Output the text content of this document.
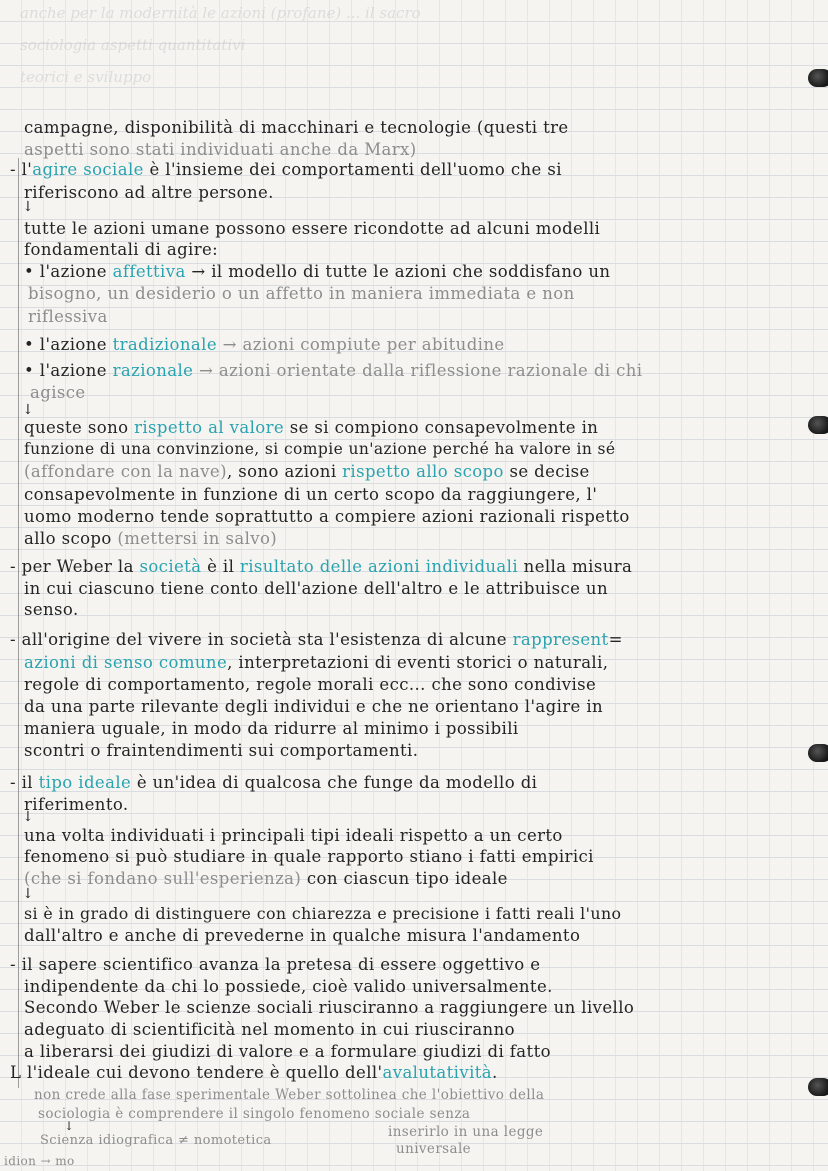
anche per la modernità le azioni (profane) ... il sacro
sociologia aspetti quantitativi
teorici e sviluppo
campagne, disponibilità di macchinari e tecnologie (questi tre
aspetti sono stati individuati anche da Marx)
- l'agire sociale è l'insieme dei comportamenti dell'uomo che si
riferiscono ad altre persone.
↓
tutte le azioni umane possono essere ricondotte ad alcuni modelli
fondamentali di agire:
• l'azione affettiva → il modello di tutte le azioni che soddisfano un
bisogno, un desiderio o un affetto in maniera immediata e non
riflessiva
• l'azione tradizionale → azioni compiute per abitudine
• l'azione razionale → azioni orientate dalla riflessione razionale di chi
agisce
↓
queste sono rispetto al valore se si compiono consapevolmente in
funzione di una convinzione, si compie un'azione perché ha valore in sé
(affondare con la nave), sono azioni rispetto allo scopo se decise
consapevolmente in funzione di un certo scopo da raggiungere, l'
uomo moderno tende soprattutto a compiere azioni razionali rispetto
allo scopo (mettersi in salvo)
- per Weber la società è il risultato delle azioni individuali nella misura
in cui ciascuno tiene conto dell'azione dell'altro e le attribuisce un
senso.
- all'origine del vivere in società sta l'esistenza di alcune rappresent=
azioni di senso comune, interpretazioni di eventi storici o naturali,
regole di comportamento, regole morali ecc... che sono condivise
da una parte rilevante degli individui e che ne orientano l'agire in
maniera uguale, in modo da ridurre al minimo i possibili
scontri o fraintendimenti sui comportamenti.
- il tipo ideale è un'idea di qualcosa che funge da modello di
riferimento.
↓
una volta individuati i principali tipi ideali rispetto a un certo
fenomeno si può studiare in quale rapporto stiano i fatti empirici
(che si fondano sull'esperienza) con ciascun tipo ideale
↓
si è in grado di distinguere con chiarezza e precisione i fatti reali l'uno
dall'altro e anche di prevederne in qualche misura l'andamento
- il sapere scientifico avanza la pretesa di essere oggettivo e
indipendente da chi lo possiede, cioè valido universalmente.
Secondo Weber le scienze sociali riusciranno a raggiungere un livello
adeguato di scientificità nel momento in cui riusciranno
a liberarsi dei giudizi di valore e a formulare giudizi di fatto
L l'ideale cui devono tendere è quello dell'avalutatività.
non crede alla fase sperimentale Weber sottolinea che l'obiettivo della
sociologia è comprendere il singolo fenomeno sociale senza
inserirlo in una legge
universale
↓
Scienza idiografica ≠ nomotetica
idion → mo
